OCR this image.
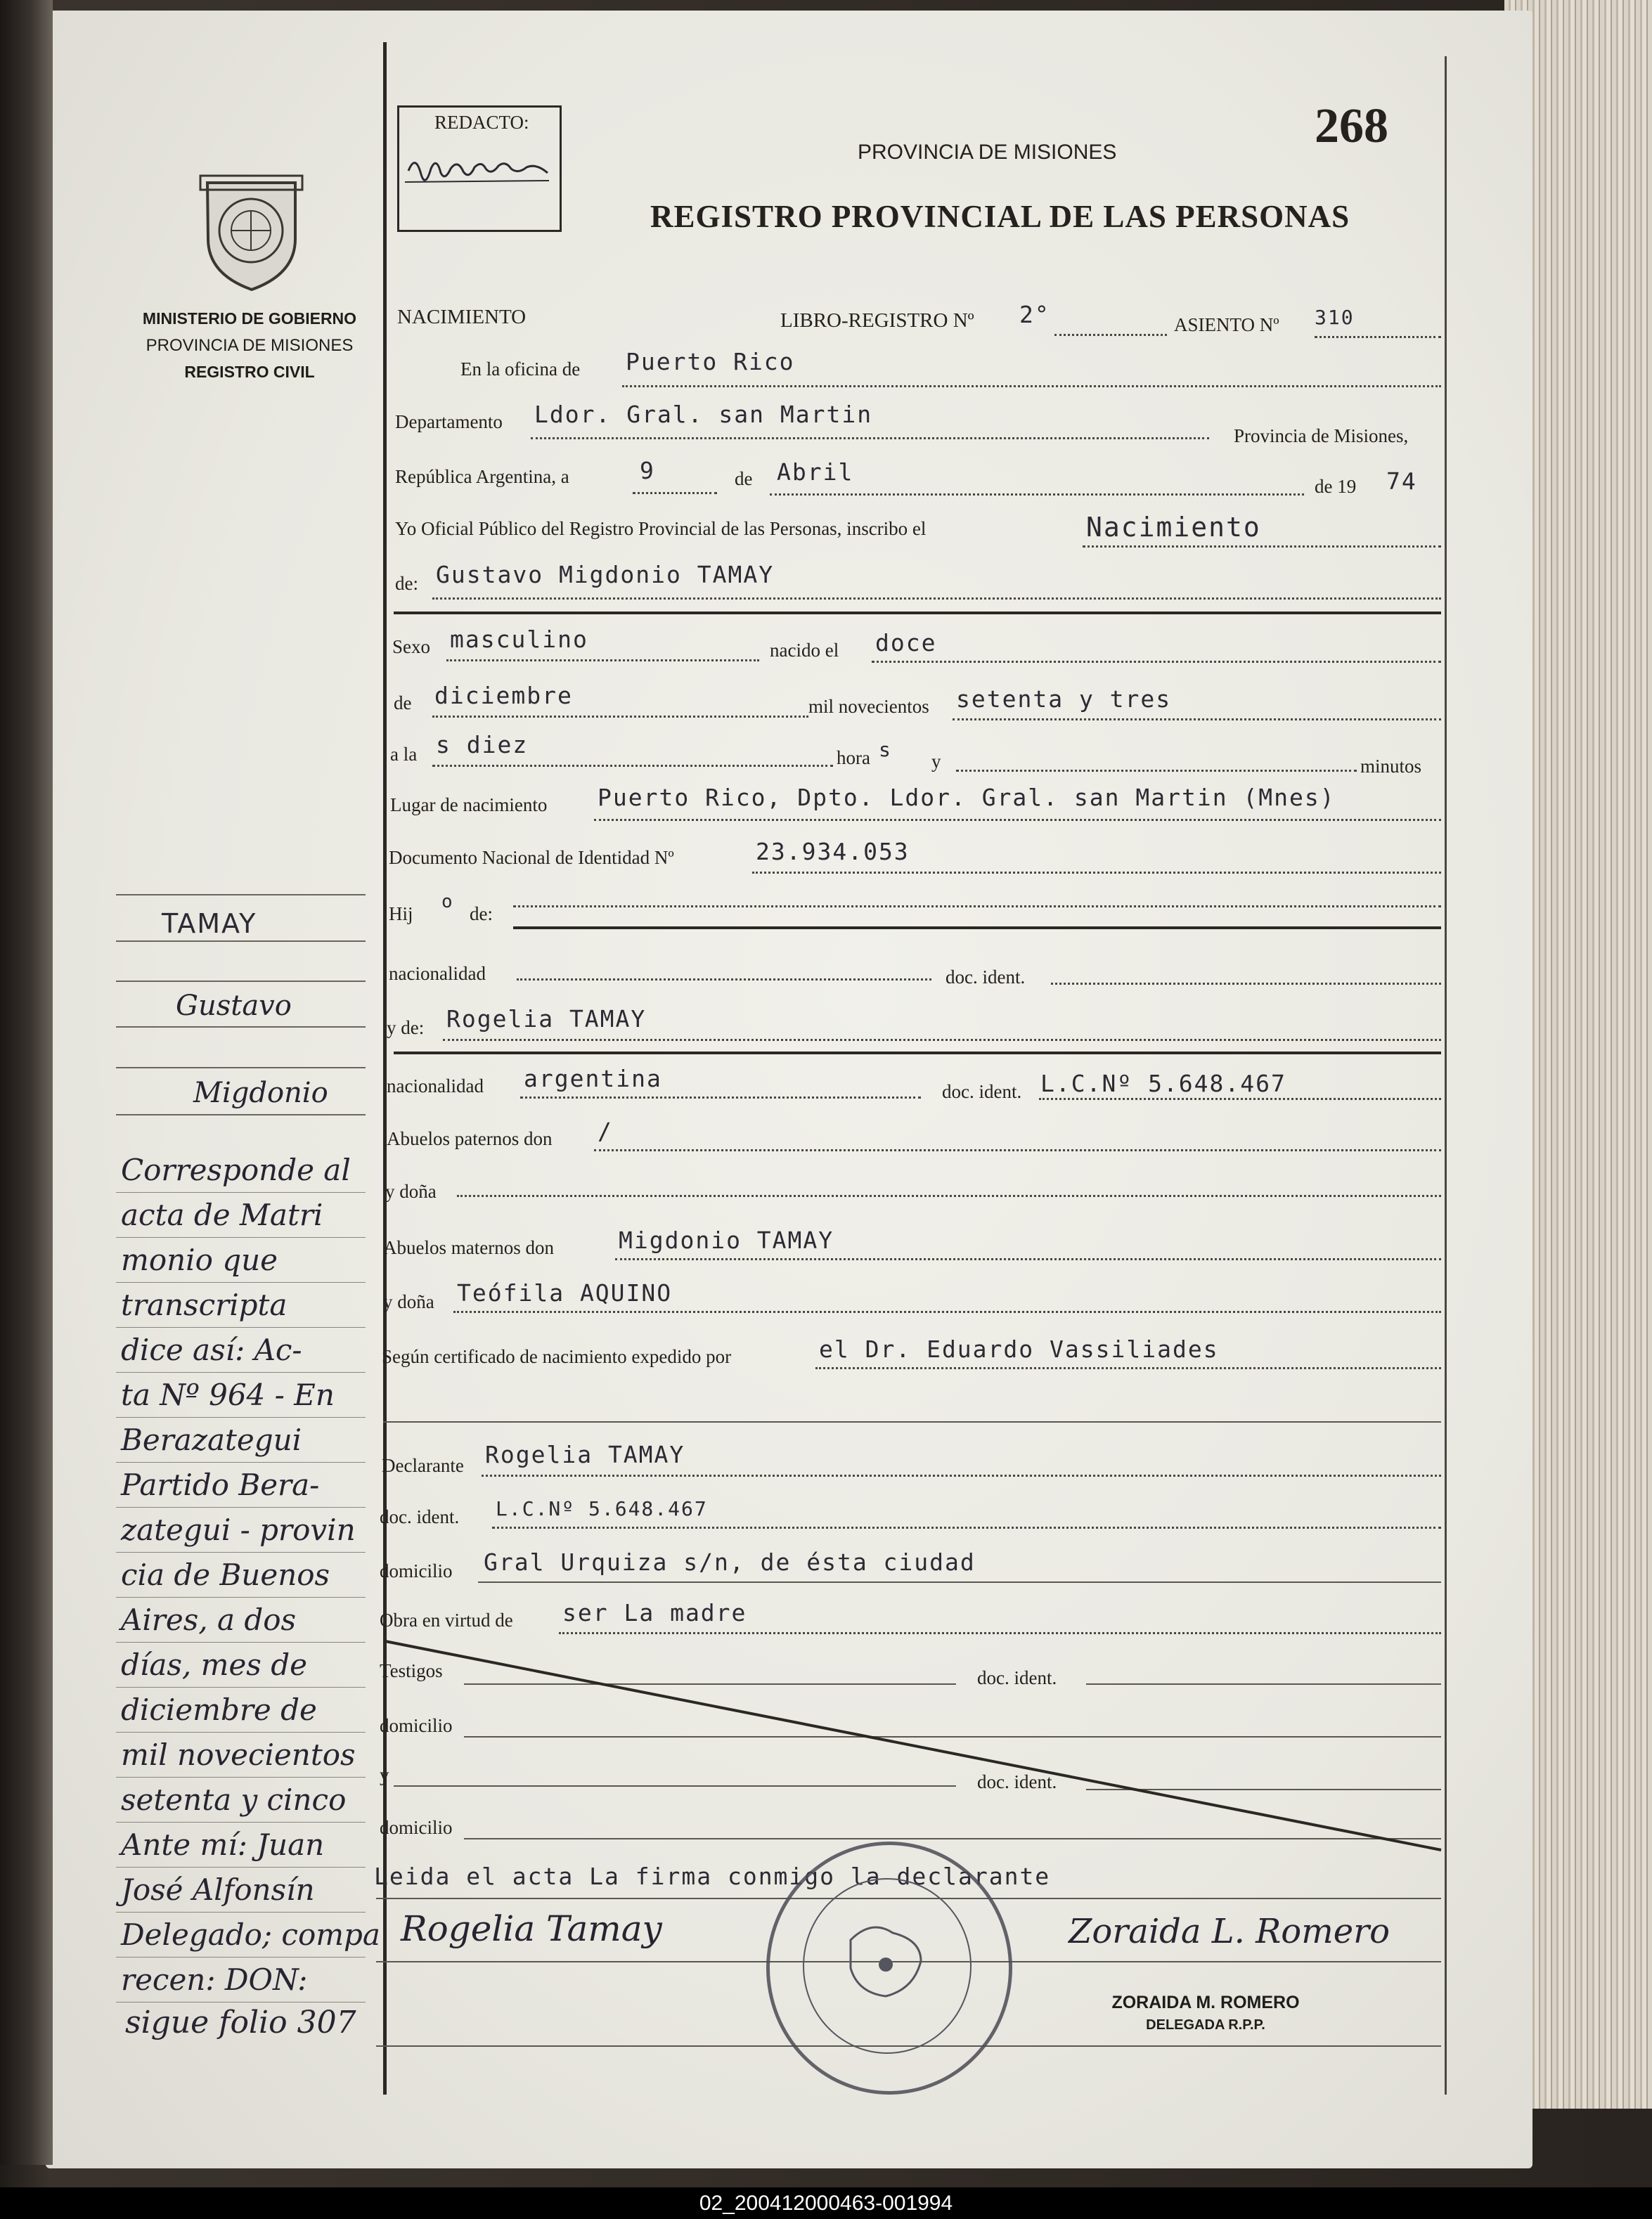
REDACTO:	268
PROVINCIA DE MISIONES
REGISTRO PROVINCIAL DE LAS PERSONAS
MINISTERIO DE GOBIERNO
PROVINCIA DE MISIONES
REGISTRO CIVIL
NACIMIENTO	LIBRO-REGISTRO Nº 2°	ASIENTO Nº 310
En la oficina de Puerto Rico
Departamento Ldor. Gral. san Martin
Provincia de Misiones,
República Argentina, a	9	de Abril
de 19 74
Yo Oficial Público del Registro Provincial de las Personas, inscribo el	Nacimiento
de: Gustavo Migdonio TAMAY
Sexo masculino	nacido el doce
de diciembre	mil novecientos setenta y tres
a la s diez	hora s y	minutos
Lugar de nacimiento Puerto Rico, Dpto. Ldor. Gral. san Martin (Mnes)
Documento Nacional de Identidad Nº	23.934.053
Hij
o
de:
nacionalidad	doc. ident.
y de: Rogelia TAMAY
nacionalidad argentina	doc. ident. L.C.Nº 5.648.467
Abuelos paternos don /
y doña
Abuelos maternos don	Migdonio TAMAY
y doña Teófila AQUINO
Según certificado de nacimiento expedido por	el Dr. Eduardo Vassiliades
Declarante Rogelia TAMAY
doc. ident. L.C.Nº 5.648.467
domicilio Gral Urquiza s/n, de ésta ciudad
Obra en virtud de ser La madre
Testigos	doc. ident.
domicilio
y	doc. ident.
domicilio
Leida el acta La firma conmigo la declarante
Rogelia Tamay	Zoraida L. Romero
ZORAIDA M. ROMERO
DELEGADA R.P.P.
TAMAY
Gustavo
Migdonio
Corresponde al
acta de Matri
monio que
transcripta
dice así: Ac-
ta Nº 964 - En
Berazategui
Partido Bera-
zategui - provin
cia de Buenos
Aires, a dos
días, mes de
diciembre de
mil novecientos
setenta y cinco
Ante mí: Juan
José Alfonsín
Delegado; compa
recen: DON:
sigue folio 307
02_200412000463-001994
